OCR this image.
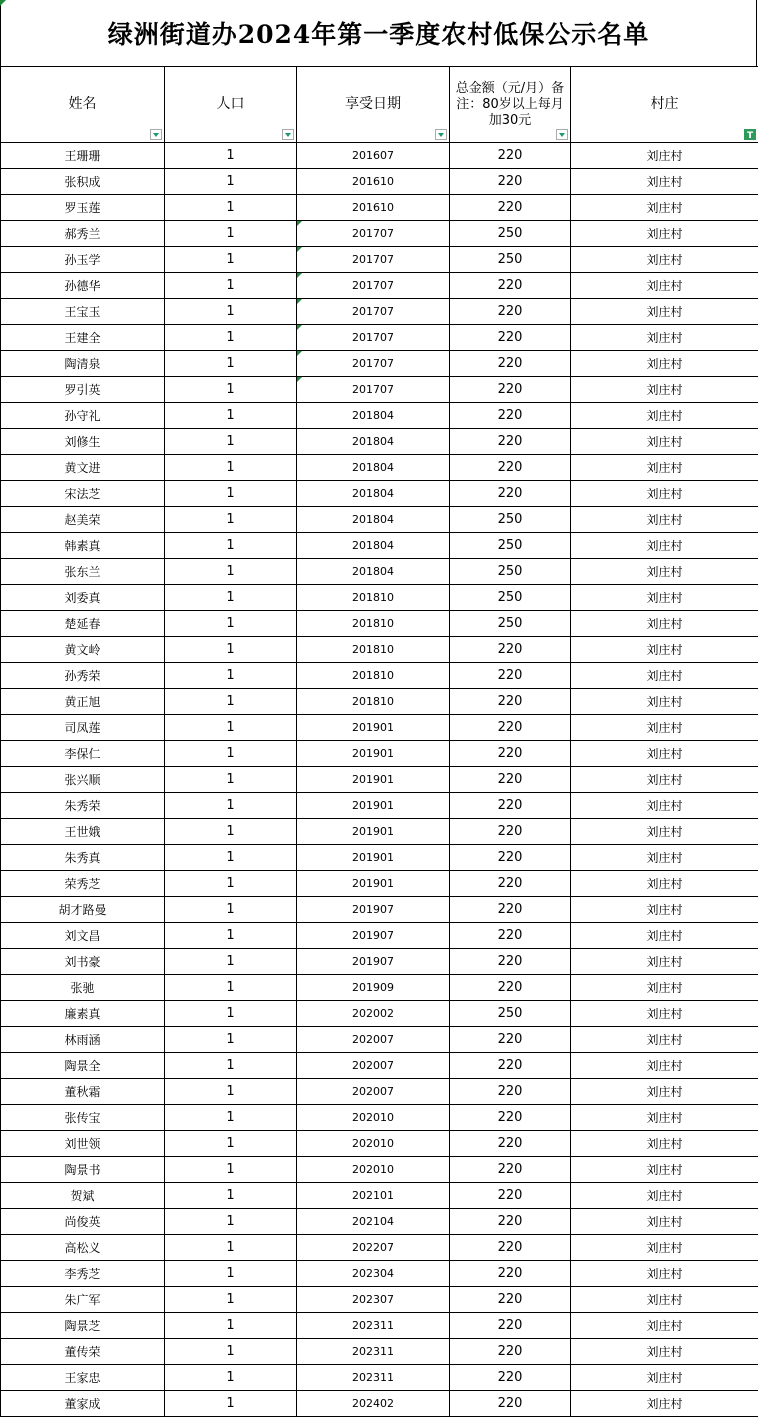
绿洲街道办2024年第一季度农村低保公示名单
姓名	人口	享受日期	总金额（元/月）备注：80岁以上每月加30元	村庄
T

王珊珊	1	201607	220	刘庄村
张积成	1	201610	220	刘庄村
罗玉莲	1	201610	220	刘庄村
郝秀兰	1	201707	250	刘庄村
孙玉学	1	201707	250	刘庄村
孙德华	1	201707	220	刘庄村
王宝玉	1	201707	220	刘庄村
王建全	1	201707	220	刘庄村
陶清泉	1	201707	220	刘庄村
罗引英	1	201707	220	刘庄村
孙守礼	1	201804	220	刘庄村
刘修生	1	201804	220	刘庄村
黄文进	1	201804	220	刘庄村
宋法芝	1	201804	220	刘庄村
赵美荣	1	201804	250	刘庄村
韩素真	1	201804	250	刘庄村
张东兰	1	201804	250	刘庄村
刘委真	1	201810	250	刘庄村
楚延春	1	201810	250	刘庄村
黄文岭	1	201810	220	刘庄村
孙秀荣	1	201810	220	刘庄村
黄正旭	1	201810	220	刘庄村
司凤莲	1	201901	220	刘庄村
李保仁	1	201901	220	刘庄村
张兴顺	1	201901	220	刘庄村
朱秀荣	1	201901	220	刘庄村
王世娥	1	201901	220	刘庄村
朱秀真	1	201901	220	刘庄村
荣秀芝	1	201901	220	刘庄村
胡才路曼	1	201907	220	刘庄村
刘文昌	1	201907	220	刘庄村
刘书豪	1	201907	220	刘庄村
张驰	1	201909	220	刘庄村
廉素真	1	202002	250	刘庄村
林雨涵	1	202007	220	刘庄村
陶景全	1	202007	220	刘庄村
董秋霜	1	202007	220	刘庄村
张传宝	1	202010	220	刘庄村
刘世领	1	202010	220	刘庄村
陶景书	1	202010	220	刘庄村
贺斌	1	202101	220	刘庄村
尚俊英	1	202104	220	刘庄村
高松义	1	202207	220	刘庄村
李秀芝	1	202304	220	刘庄村
朱广军	1	202307	220	刘庄村
陶景芝	1	202311	220	刘庄村
董传荣	1	202311	220	刘庄村
王家忠	1	202311	220	刘庄村
董家成	1	202402	220	刘庄村
